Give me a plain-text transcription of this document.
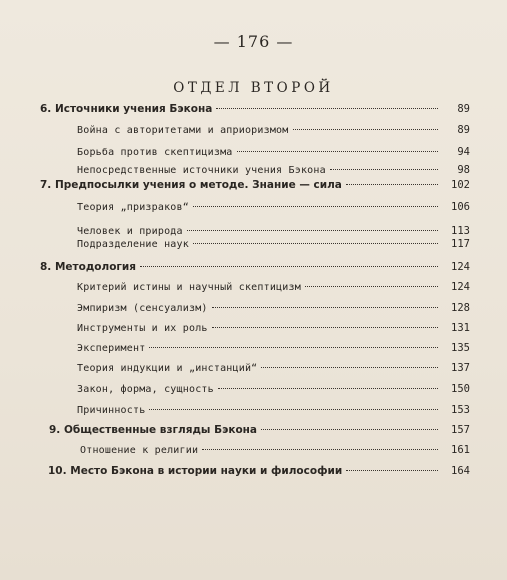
— 176 —
ОТДЕЛ ВТОРОЙ
6. Источники учения Бэкона	89
Война с авторитетами и априоризмом	89
Борьба против скептицизма	94
Непосредственные источники учения Бэкона	98
7. Предпосылки учения о методе. Знание — сила	102
Теория „призраков“	106
Человек и природа	113
Подразделение наук	117
8. Методология	124
Критерий истины и научный скептицизм	124
Эмпиризм (сенсуализм)	128
Инструменты и их роль	131
Эксперимент	135
Теория индукции и „инстанций“	137
Закон, форма, сущность	150
Причинность	153
9. Общественные взгляды Бэкона	157
Отношение к религии	161
10. Место Бэкона в истории науки и философии	164
